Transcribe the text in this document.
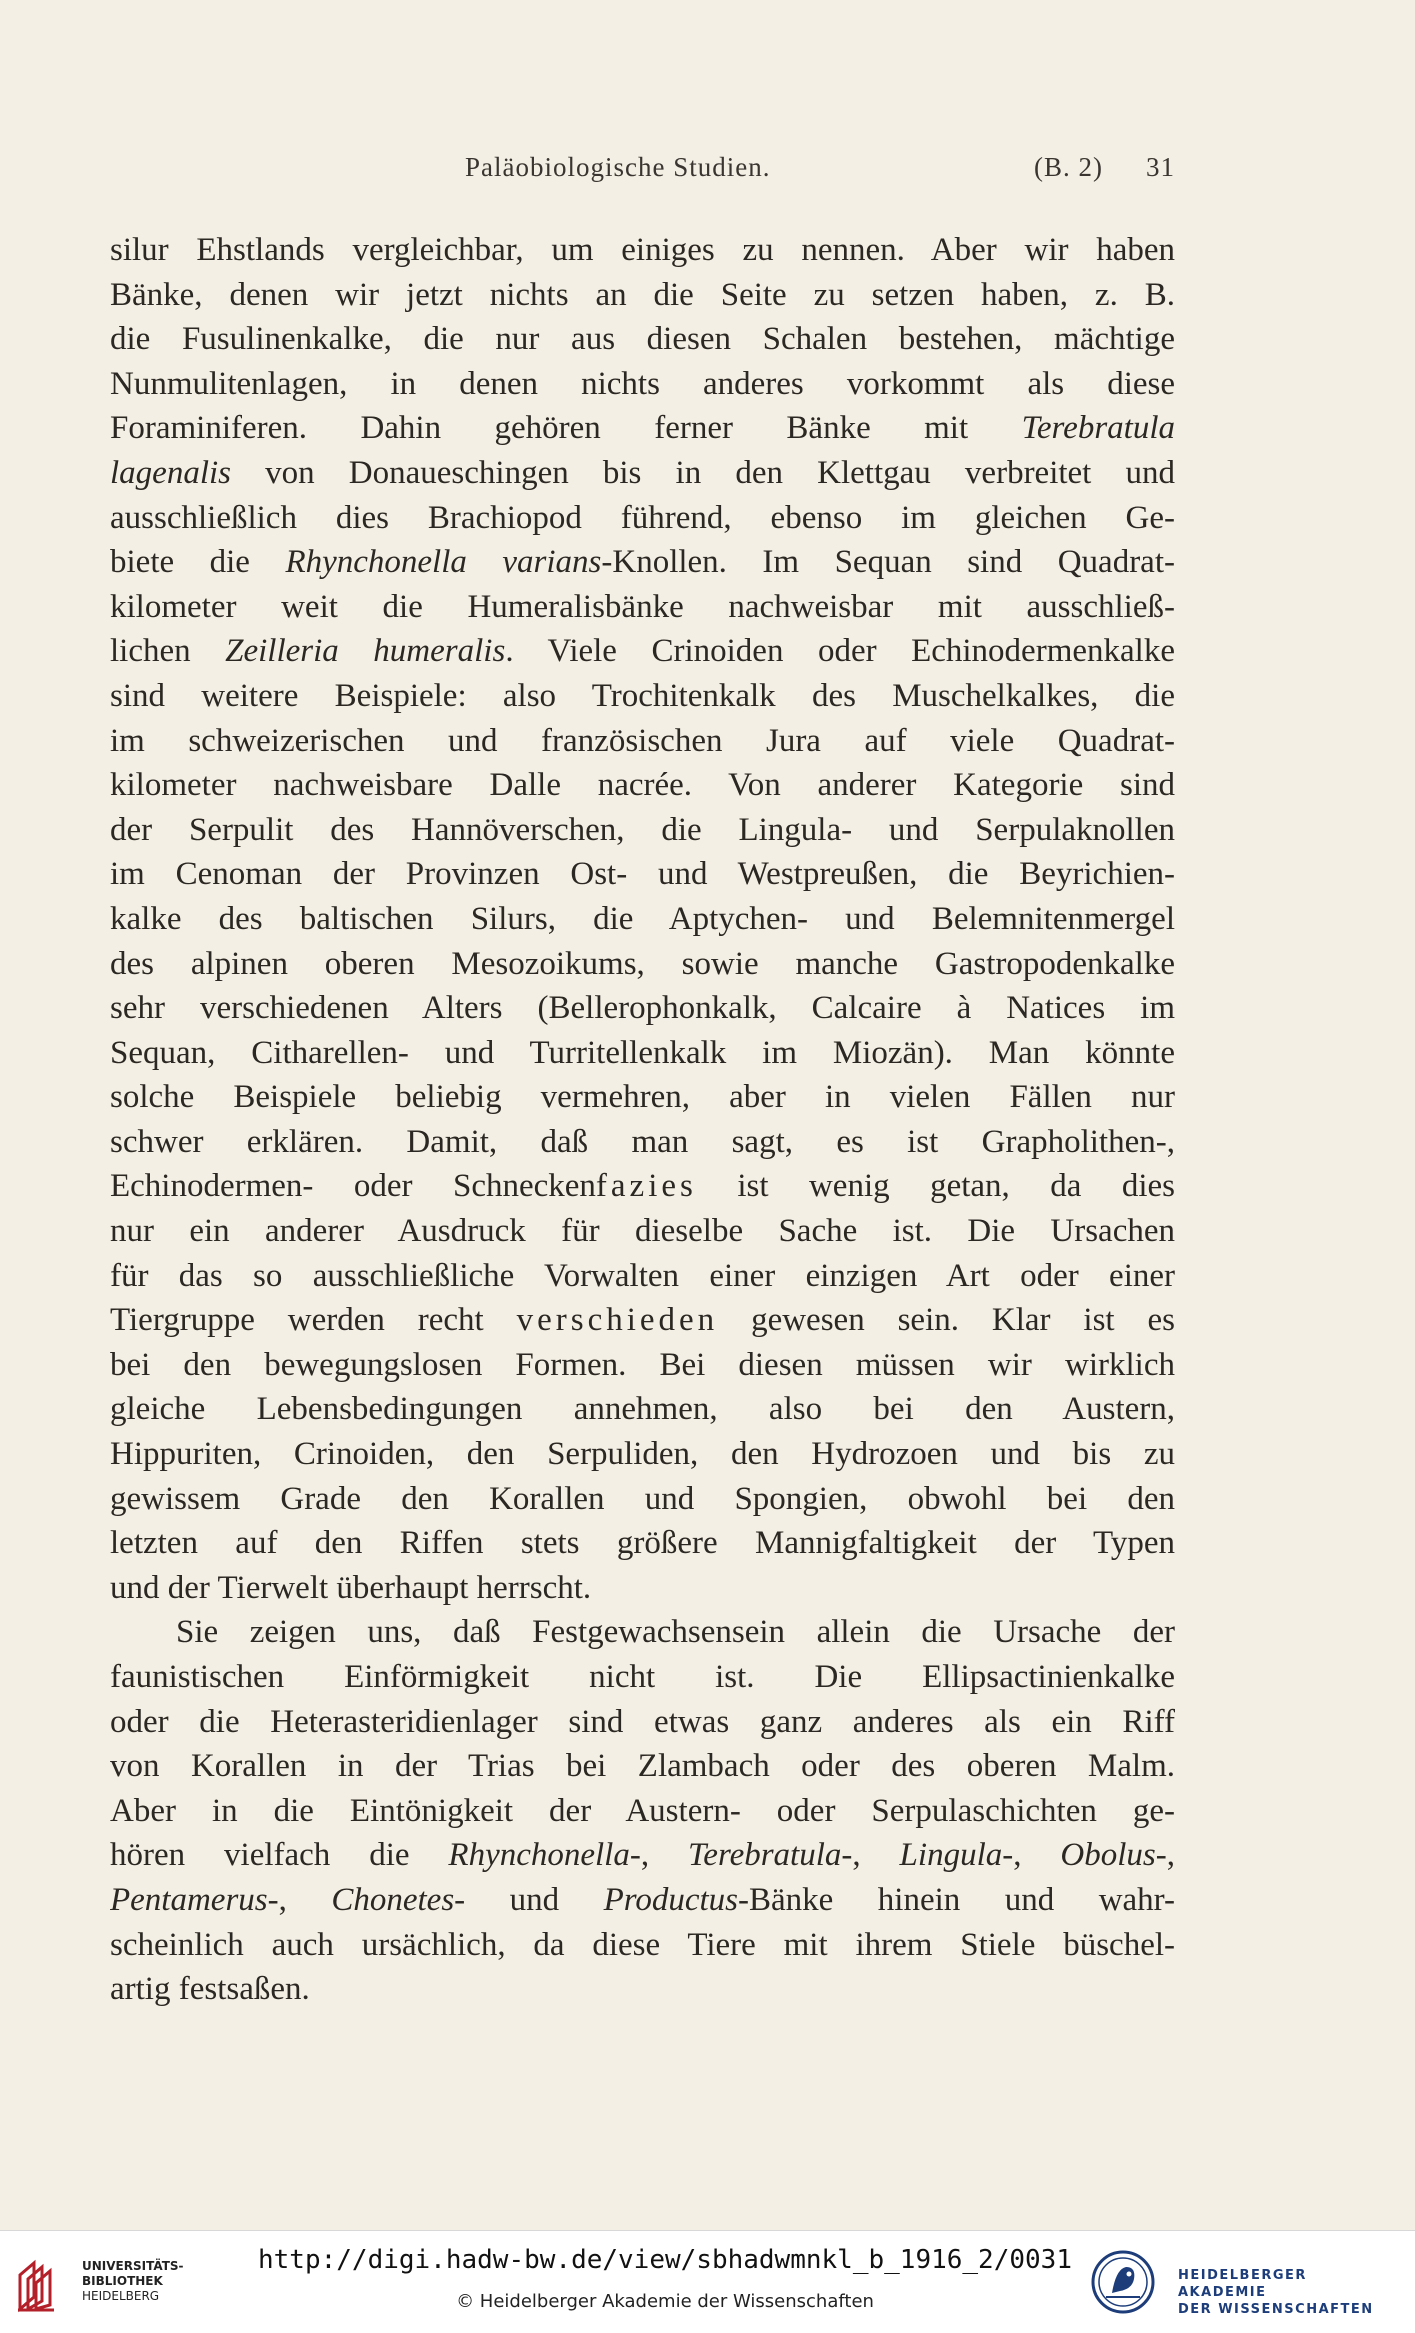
Paläobiologische Studien.	(B. 2) 31
silur Ehstlands vergleichbar, um einiges zu nennen. Aber wir haben
Bänke, denen wir jetzt nichts an die Seite zu setzen haben, z. B.
die Fusulinenkalke, die nur aus diesen Schalen bestehen, mächtige
Nunmulitenlagen, in denen nichts anderes vorkommt als diese
Foraminiferen. Dahin gehören ferner Bänke mit Terebratula
lagenalis von Donaueschingen bis in den Klettgau verbreitet und
ausschließlich dies Brachiopod führend, ebenso im gleichen Ge-
biete die Rhynchonella varians-Knollen. Im Sequan sind Quadrat-
kilometer weit die Humeralisbänke nachweisbar mit ausschließ-
lichen Zeilleria humeralis. Viele Crinoiden oder Echinodermenkalke
sind weitere Beispiele: also Trochitenkalk des Muschelkalkes, die
im schweizerischen und französischen Jura auf viele Quadrat-
kilometer nachweisbare Dalle nacrée. Von anderer Kategorie sind
der Serpulit des Hannöverschen, die Lingula- und Serpulaknollen
im Cenoman der Provinzen Ost- und Westpreußen, die Beyrichien-
kalke des baltischen Silurs, die Aptychen- und Belemnitenmergel
des alpinen oberen Mesozoikums, sowie manche Gastropodenkalke
sehr verschiedenen Alters (Bellerophonkalk, Calcaire à Natices im
Sequan, Citharellen- und Turritellenkalk im Miozän). Man könnte
solche Beispiele beliebig vermehren, aber in vielen Fällen nur
schwer erklären. Damit, daß man sagt, es ist Grapholithen-,
Echinodermen- oder Schneckenfazies ist wenig getan, da dies
nur ein anderer Ausdruck für dieselbe Sache ist. Die Ursachen
für das so ausschließliche Vorwalten einer einzigen Art oder einer
Tiergruppe werden recht verschieden gewesen sein. Klar ist es
bei den bewegungslosen Formen. Bei diesen müssen wir wirklich
gleiche Lebensbedingungen annehmen, also bei den Austern,
Hippuriten, Crinoiden, den Serpuliden, den Hydrozoen und bis zu
gewissem Grade den Korallen und Spongien, obwohl bei den
letzten auf den Riffen stets größere Mannigfaltigkeit der Typen
und der Tierwelt überhaupt herrscht.
Sie zeigen uns, daß Festgewachsensein allein die Ursache der
faunistischen Einförmigkeit nicht ist. Die Ellipsactinienkalke
oder die Heterasteridienlager sind etwas ganz anderes als ein Riff
von Korallen in der Trias bei Zlambach oder des oberen Malm.
Aber in die Eintönigkeit der Austern- oder Serpulaschichten ge-
hören vielfach die Rhynchonella-, Terebratula-, Lingula-, Obolus-,
Pentamerus-, Chonetes- und Productus-Bänke hinein und wahr-
scheinlich auch ursächlich, da diese Tiere mit ihrem Stiele büschel-
artig festsaßen.
UNIVERSITÄTS-
BIBLIOTHEK
HEIDELBERG
http://digi.hadw-bw.de/view/sbhadwmnkl_b_1916_2/0031
© Heidelberger Akademie der Wissenschaften
HEIDELBERGER AKADEMIE
DER WISSENSCHAFTEN
